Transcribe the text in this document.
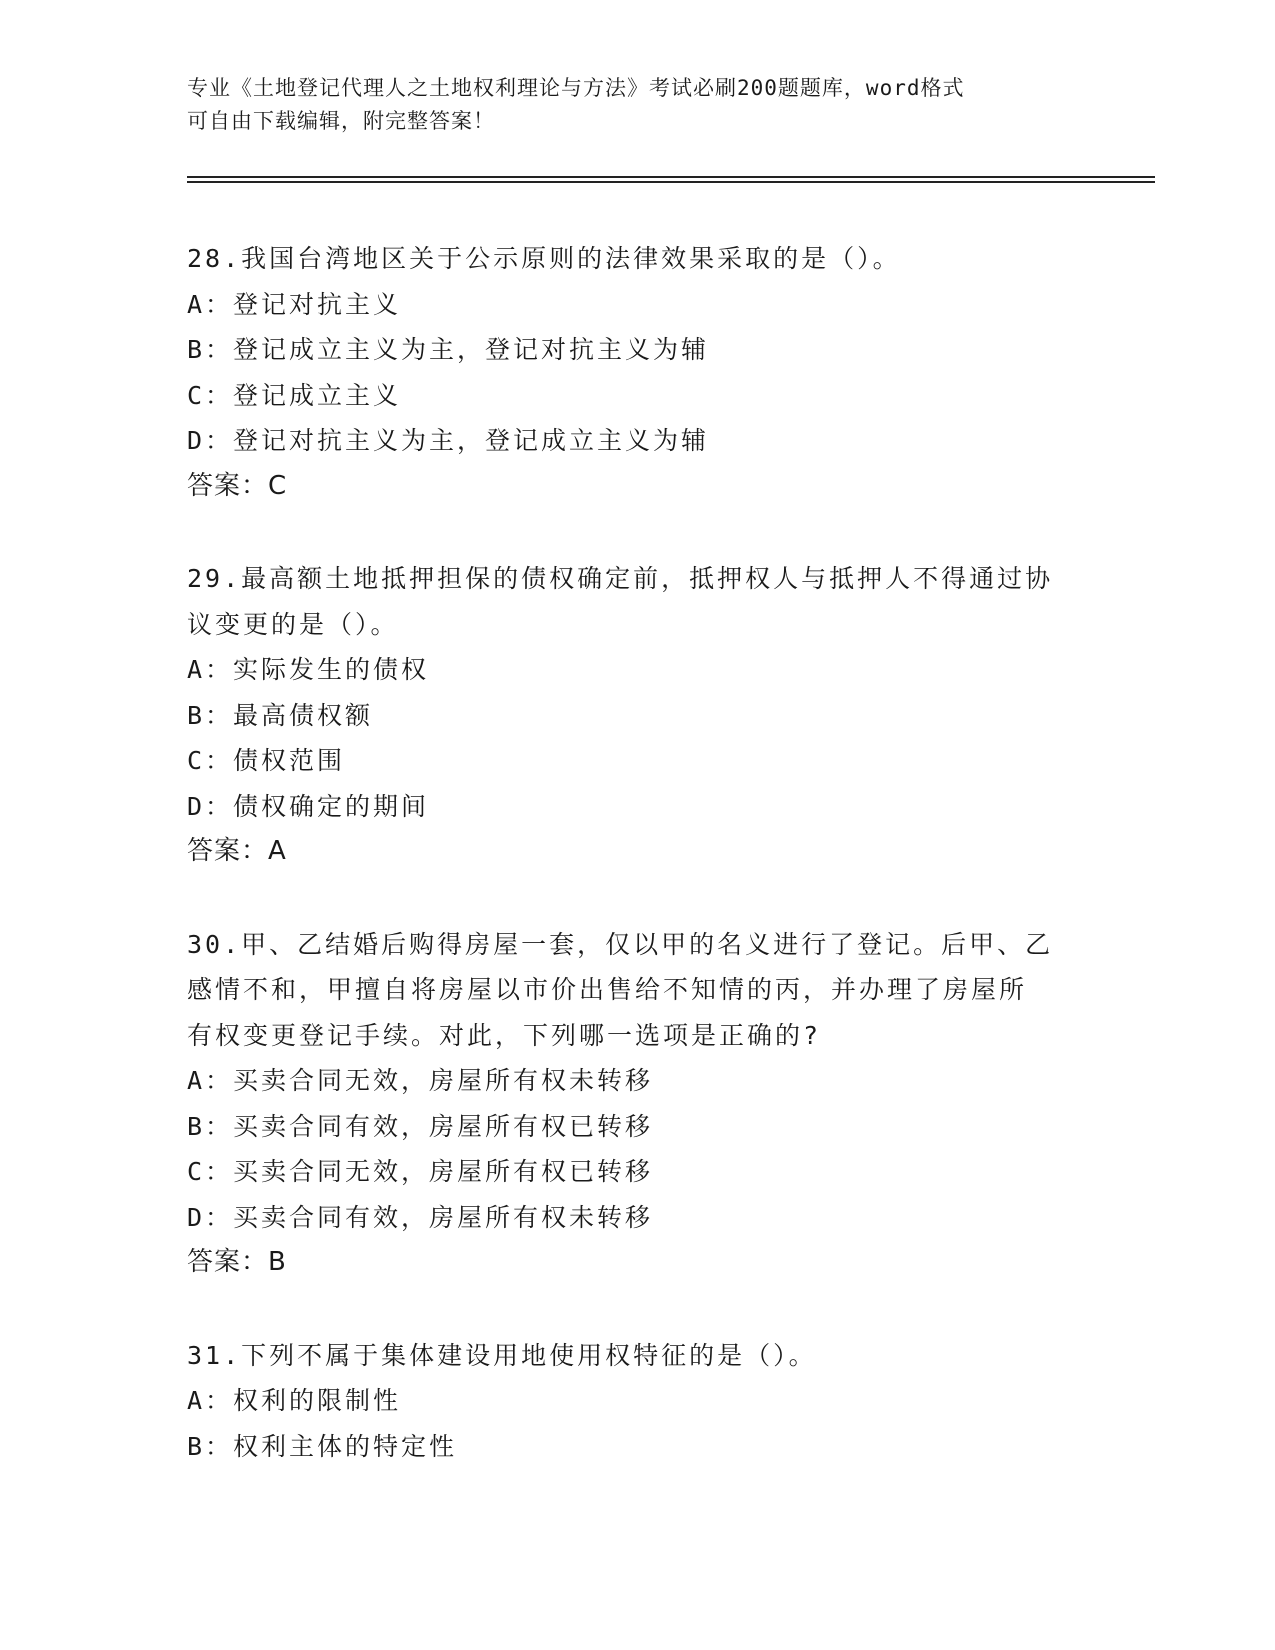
专业《土地登记代理人之土地权利理论与方法》考试必刷200题题库，word格式
可自由下载编辑，附完整答案！
28.我国台湾地区关于公示原则的法律效果采取的是（）。
A：登记对抗主义
B：登记成立主义为主，登记对抗主义为辅
C：登记成立主义
D：登记对抗主义为主，登记成立主义为辅
答案：C
29.最高额土地抵押担保的债权确定前，抵押权人与抵押人不得通过协
议变更的是（）。
A：实际发生的债权
B：最高债权额
C：债权范围
D：债权确定的期间
答案：A
30.甲、乙结婚后购得房屋一套，仅以甲的名义进行了登记。后甲、乙
感情不和，甲擅自将房屋以市价出售给不知情的丙，并办理了房屋所
有权变更登记手续。对此，下列哪一选项是正确的?
A：买卖合同无效，房屋所有权未转移
B：买卖合同有效，房屋所有权已转移
C：买卖合同无效，房屋所有权已转移
D：买卖合同有效，房屋所有权未转移
答案：B
31.下列不属于集体建设用地使用权特征的是（）。
A：权利的限制性
B：权利主体的特定性
